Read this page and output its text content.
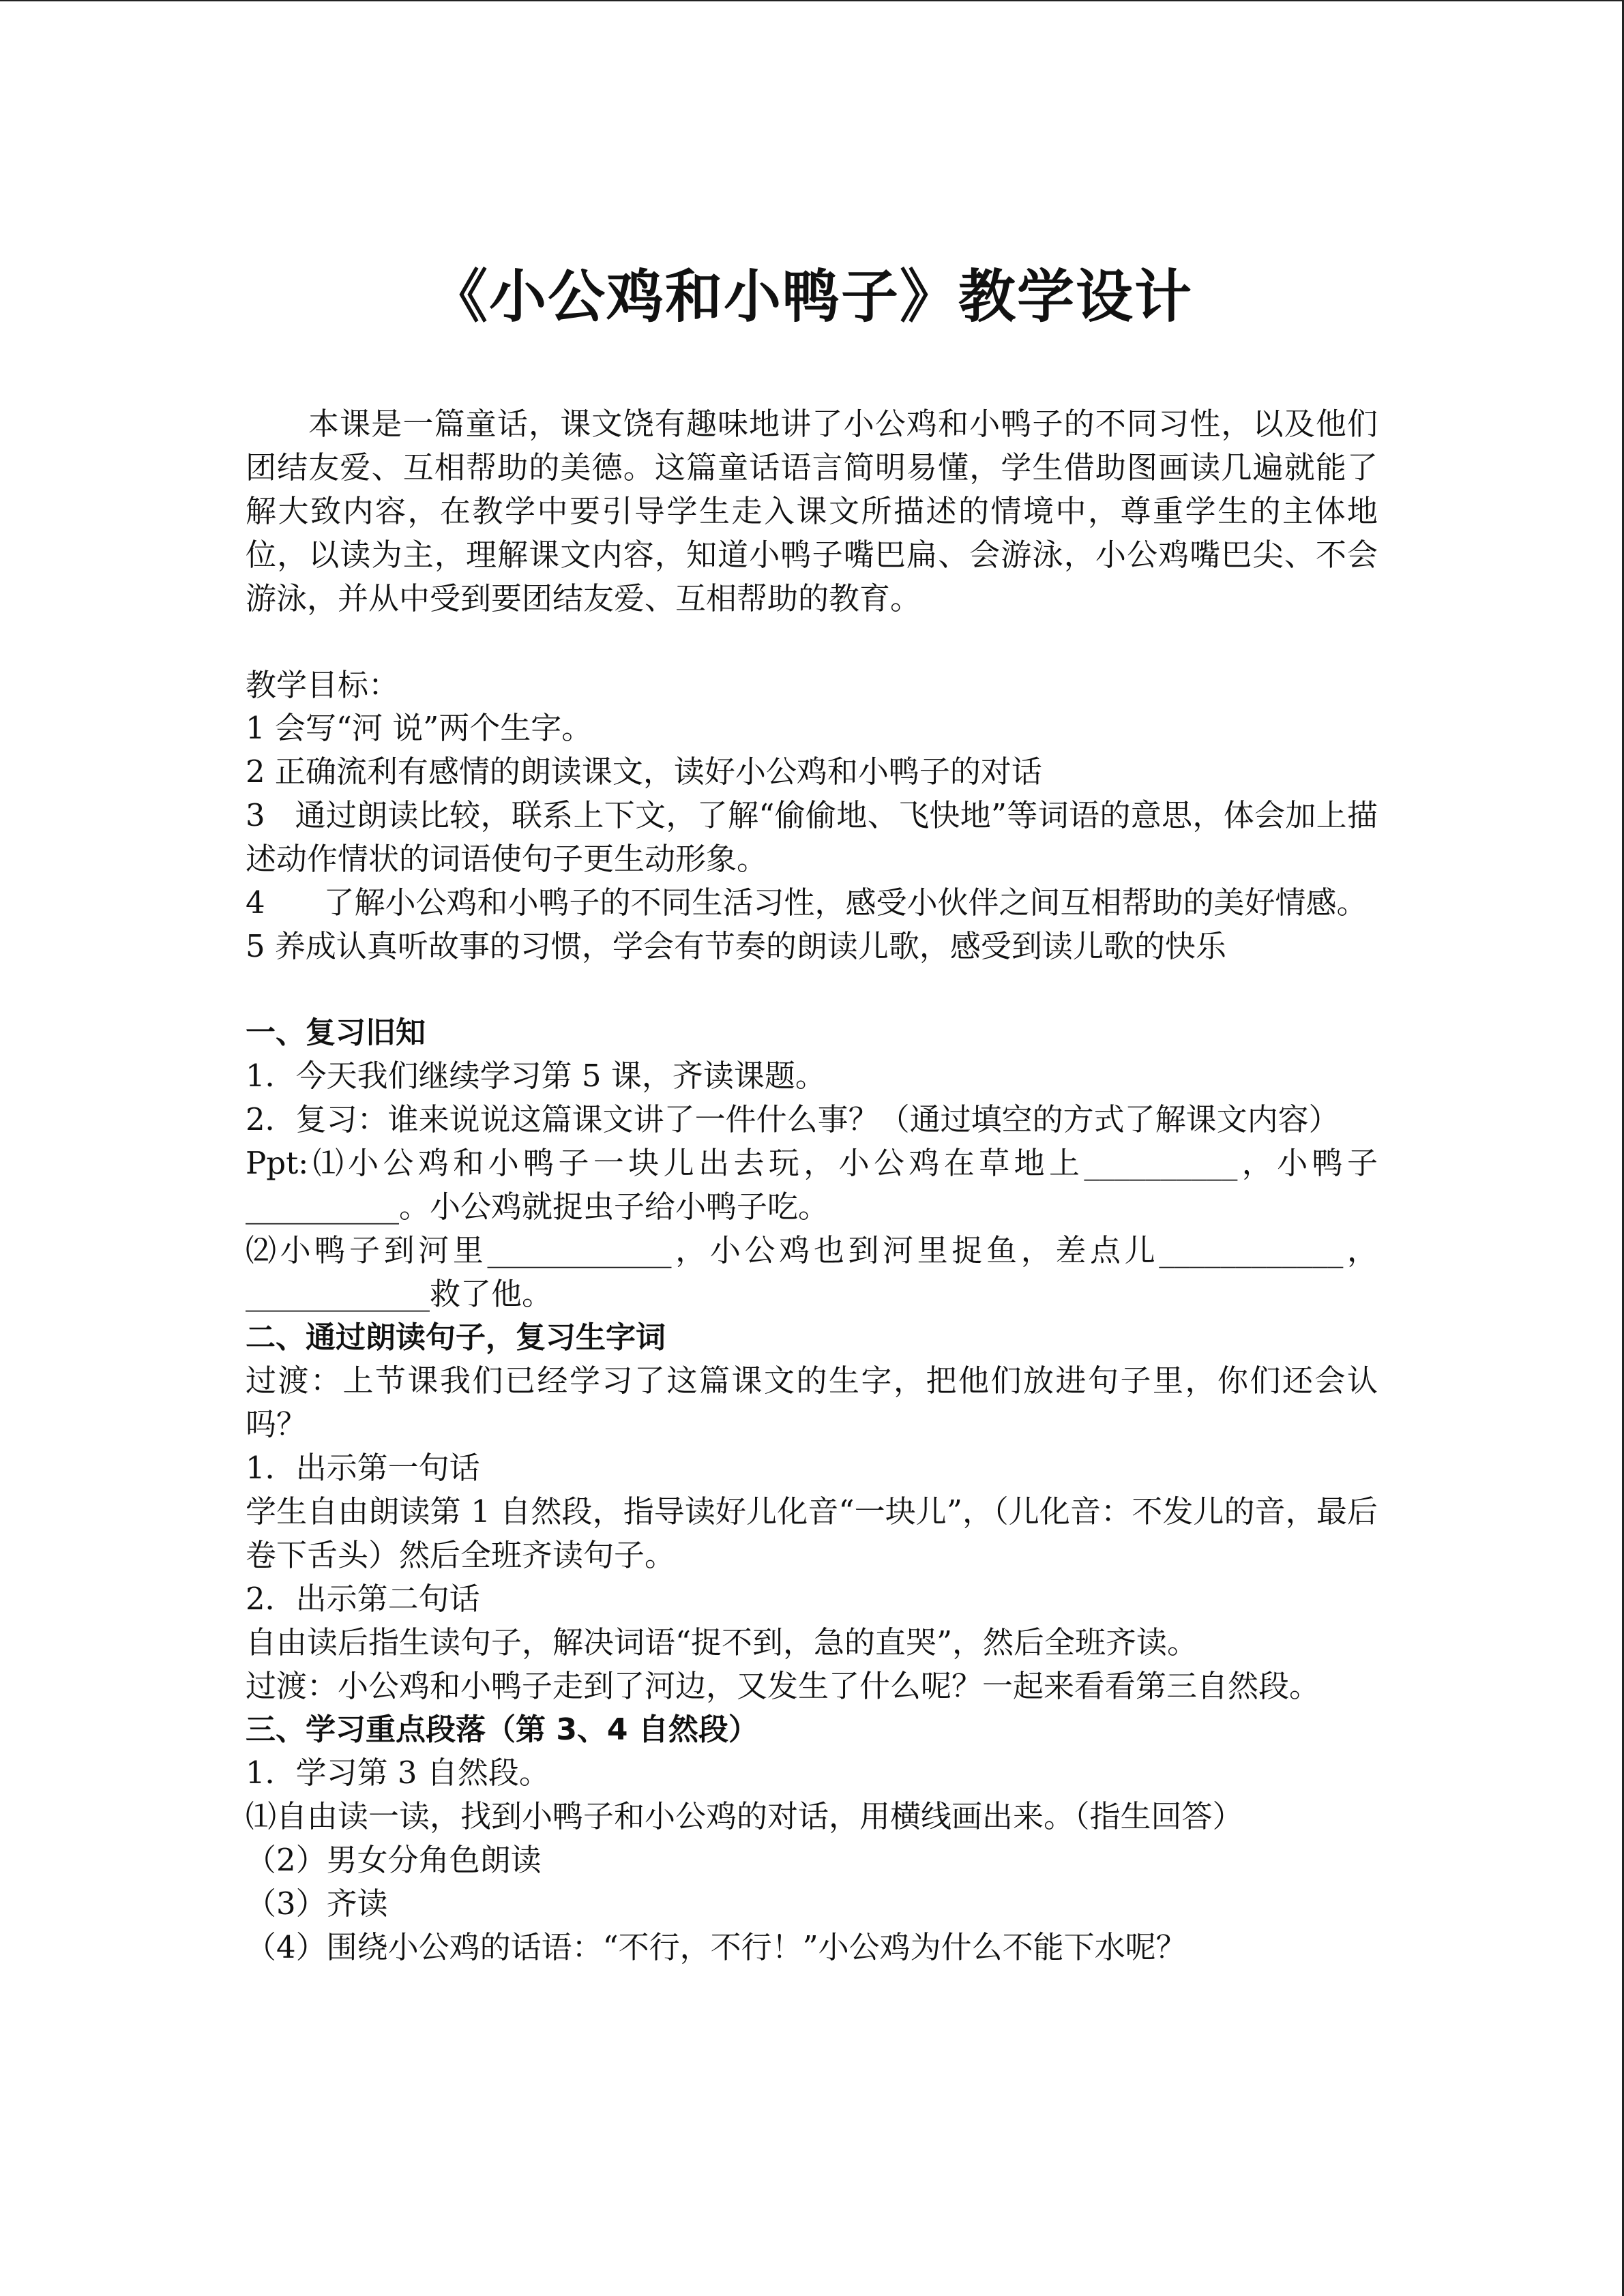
《小公鸡和小鸭子》教学设计

本课是一篇童话，课文饶有趣味地讲了小公鸡和小鸭子的不同习性，以及他们团结友爱、互相帮助的美德。这篇童话语言简明易懂，学生借助图画读几遍就能了解大致内容，在教学中要引导学生走入课文所描述的情境中，尊重学生的主体地位，以读为主，理解课文内容，知道小鸭子嘴巴扁、会游泳，小公鸡嘴巴尖、不会游泳，并从中受到要团结友爱、互相帮助的教育。

教学目标：

1 会写“河 说”两个生字。

2 正确流利有感情的朗读课文，读好小公鸡和小鸭子的对话

3   通过朗读比较，联系上下文，了解“偷偷地、飞快地”等词语的意思，体会加上描述动作情状的词语使句子更生动形象。

4      了解小公鸡和小鸭子的不同生活习性，感受小伙伴之间互相帮助的美好情感。

5 养成认真听故事的习惯，学会有节奏的朗读儿歌，感受到读儿歌的快乐

一、复习旧知

1．今天我们继续学习第 5 课，齐读课题。

2．复习：谁来说说这篇课文讲了一件什么事？（通过填空的方式了解课文内容）

Ppt:⑴小公鸡和小鸭子一块儿出去玩，小公鸡在草地上__________，小鸭子__________。小公鸡就捉虫子给小鸭子吃。

⑵小鸭子到河里____________，小公鸡也到河里捉鱼，差点儿____________，____________救了他。

二、通过朗读句子，复习生字词

过渡：上节课我们已经学习了这篇课文的生字，把他们放进句子里，你们还会认吗？

1．出示第一句话

学生自由朗读第 1 自然段，指导读好儿化音“一块儿”，（儿化音：不发儿的音，最后卷下舌头）然后全班齐读句子。

2．出示第二句话

自由读后指生读句子，解决词语“捉不到，急的直哭”，然后全班齐读。

过渡：小公鸡和小鸭子走到了河边，又发生了什么呢？一起来看看第三自然段。

三、学习重点段落（第 3、4 自然段）

1．学习第 3 自然段。

⑴自由读一读，找到小鸭子和小公鸡的对话，用横线画出来。（指生回答）

（2）男女分角色朗读

（3）齐读

（4）围绕小公鸡的话语：“不行，不行！”小公鸡为什么不能下水呢？
